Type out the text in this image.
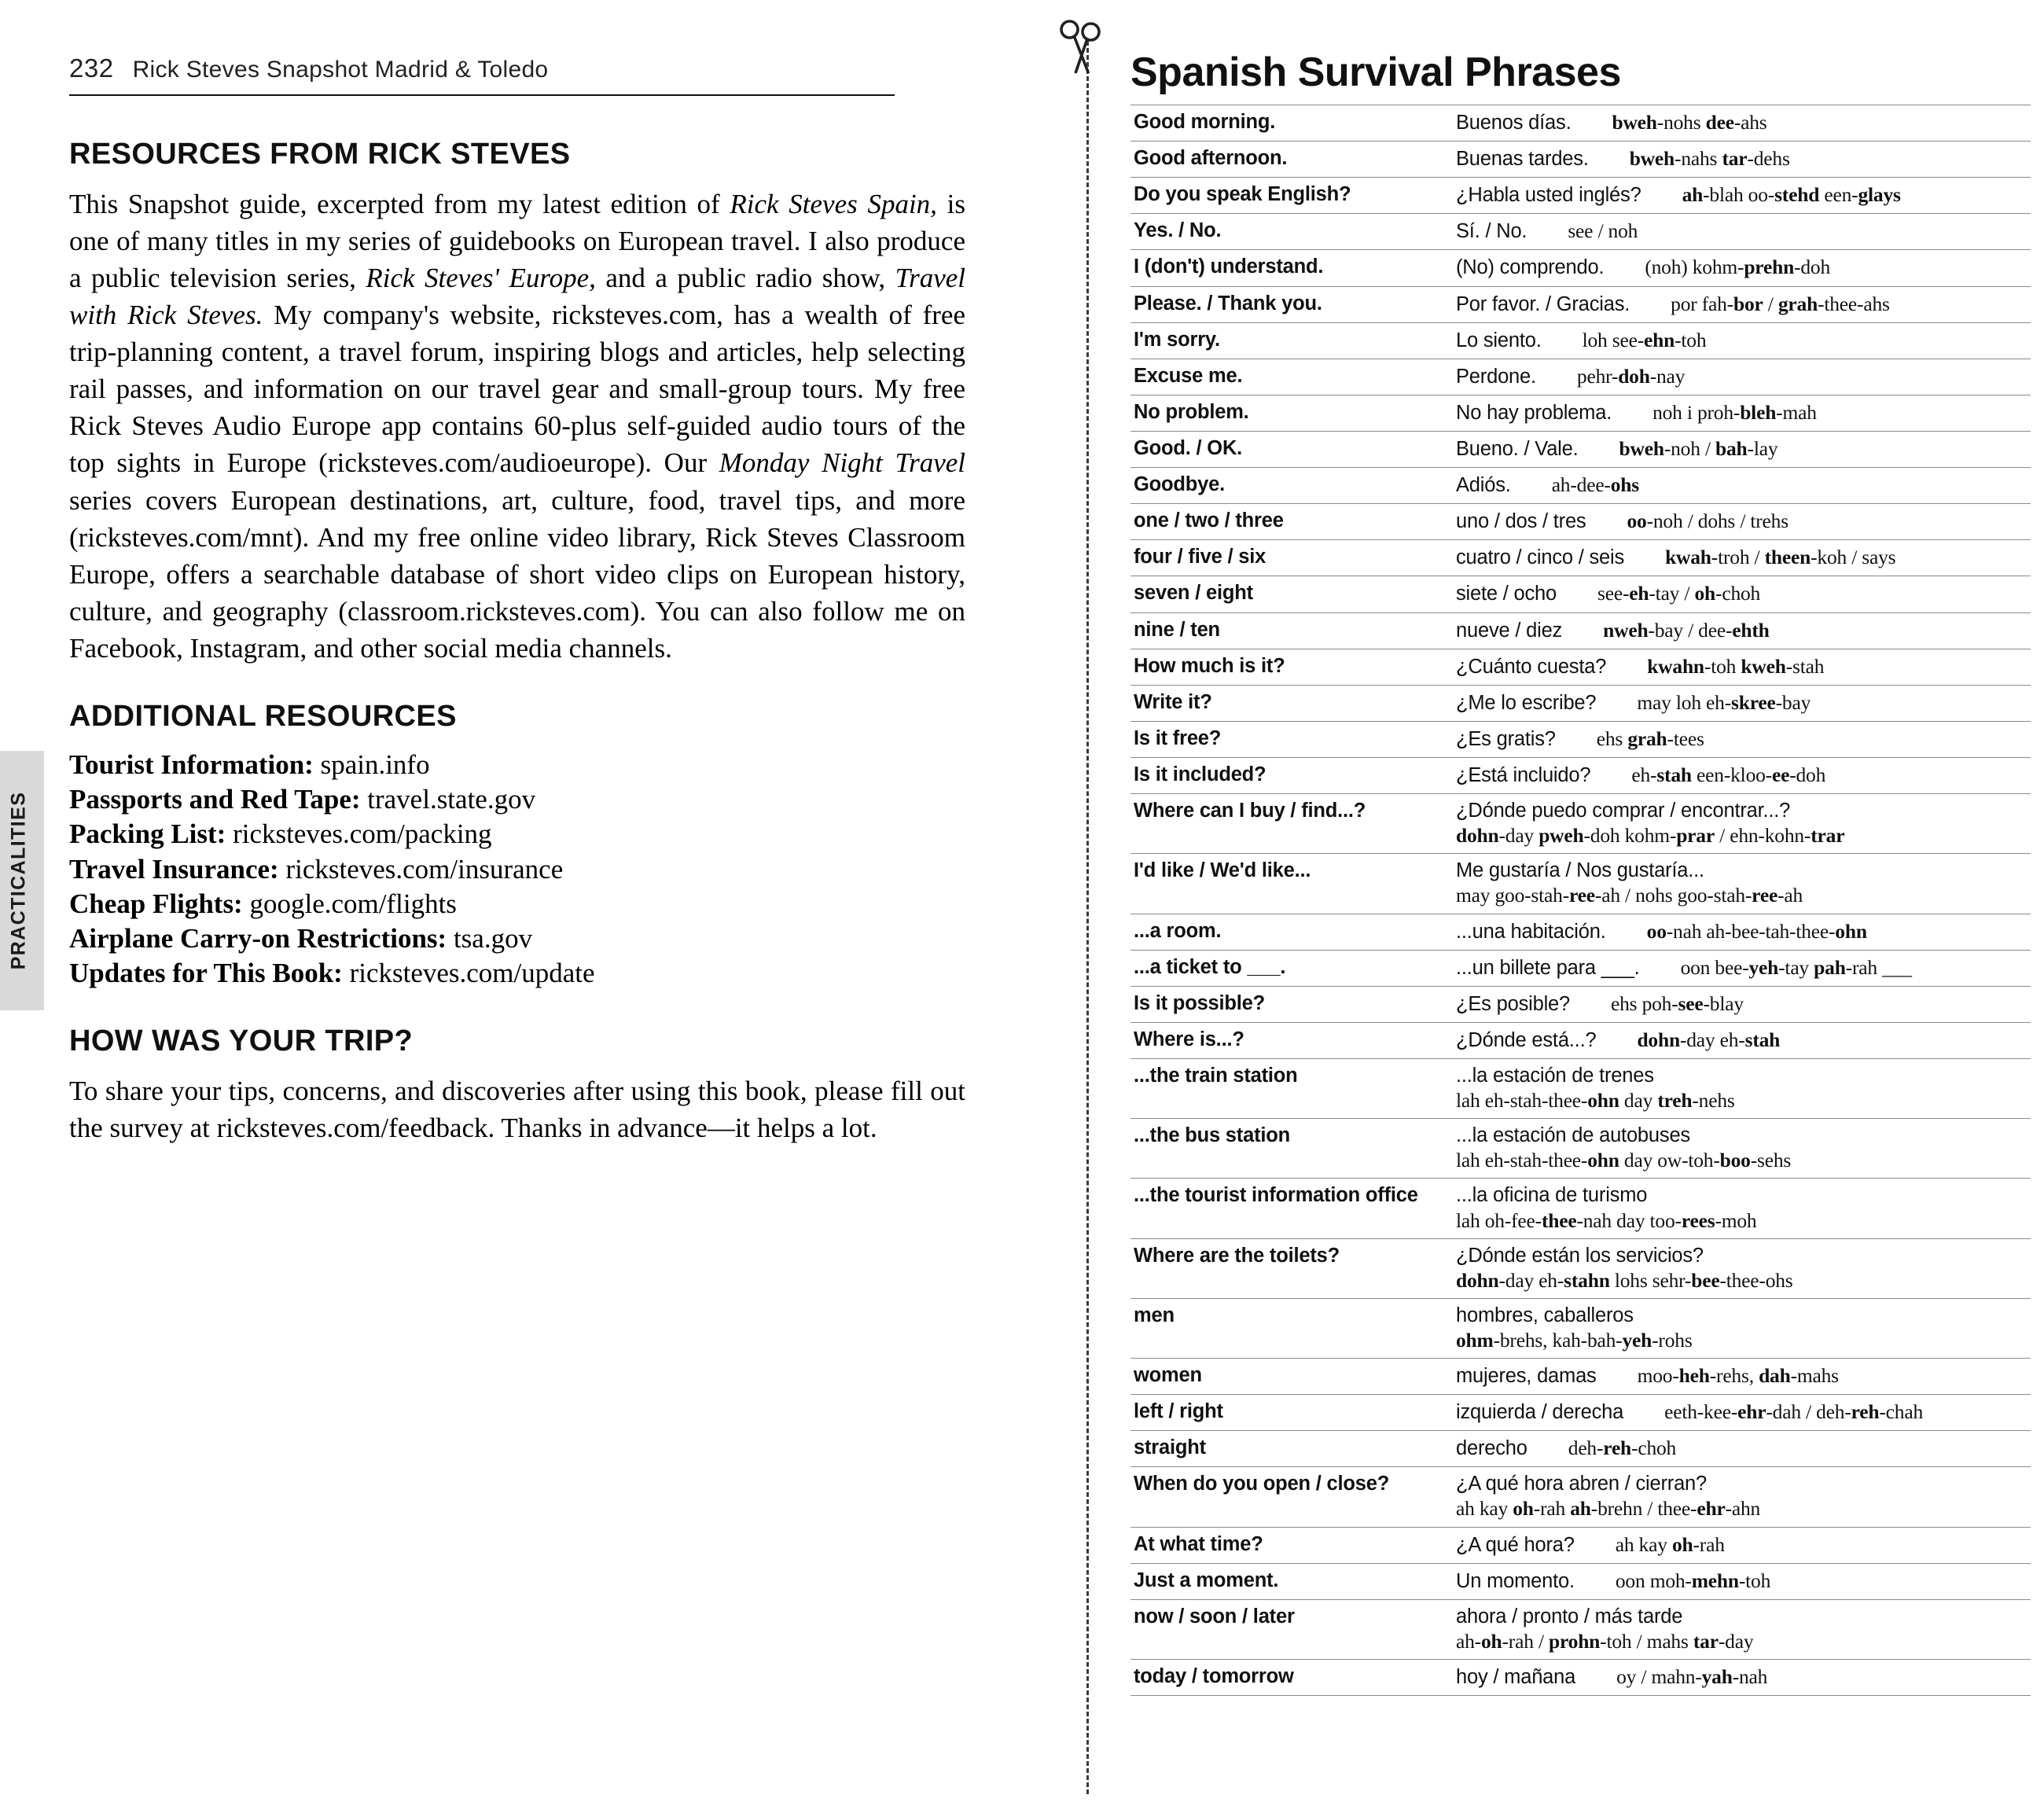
PRACTICALITIES
232 Rick Steves Snapshot Madrid & Toledo
RESOURCES FROM RICK STEVES

This Snapshot guide, excerpted from my latest edition of Rick Steves Spain, is one of many titles in my series of guidebooks on European travel. I also produce a public television series, Rick Steves' Europe, and a public radio show, Travel with Rick Steves. My company's website, ricksteves.com, has a wealth of free trip-planning content, a travel forum, inspiring blogs and articles, help selecting rail passes, and information on our travel gear and small-group tours. My free Rick Steves Audio Europe app contains 60-plus self-guided audio tours of the top sights in Europe (ricksteves.com/audioeurope). Our Monday Night Travel series covers European destinations, art, culture, food, travel tips, and more (ricksteves.com/mnt). And my free online video library, Rick Steves Classroom Europe, offers a searchable database of short video clips on European history, culture, and geography (classroom.ricksteves.com). You can also follow me on Facebook, Instagram, and other social media channels.

ADDITIONAL RESOURCES
Tourist Information: spain.info
Passports and Red Tape: travel.state.gov
Packing List: ricksteves.com/packing
Travel Insurance: ricksteves.com/insurance
Cheap Flights: google.com/flights
Airplane Carry-on Restrictions: tsa.gov
Updates for This Book: ricksteves.com/update
HOW WAS YOUR TRIP?

To share your tips, concerns, and discoveries after using this book, please fill out the survey at ricksteves.com/feedback. Thanks in advance—it helps a lot.

Spanish Survival Phrases
Good morning.	Buenos días. bweh-nohs dee-ahs
Good afternoon.	Buenas tardes. bweh-nahs tar-dehs
Do you speak English?	¿Habla usted inglés? ah-blah oo-stehd een-glays
Yes. / No.	Sí. / No. see / noh
I (don't) understand.	(No) comprendo. (noh) kohm-prehn-doh
Please. / Thank you.	Por favor. / Gracias. por fah-bor / grah-thee-ahs
I'm sorry.	Lo siento. loh see-ehn-toh
Excuse me.	Perdone. pehr-doh-nay
No problem.	No hay problema. noh i proh-bleh-mah
Good. / OK.	Bueno. / Vale. bweh-noh / bah-lay
Goodbye.	Adiós. ah-dee-ohs
one / two / three	uno / dos / tres oo-noh / dohs / trehs
four / five / six	cuatro / cinco / seis kwah-troh / theen-koh / says
seven / eight	siete / ocho see-eh-tay / oh-choh
nine / ten	nueve / diez nweh-bay / dee-ehth
How much is it?	¿Cuánto cuesta? kwahn-toh kweh-stah
Write it?	¿Me lo escribe? may loh eh-skree-bay
Is it free?	¿Es gratis? ehs grah-tees
Is it included?	¿Está incluido? eh-stah een-kloo-ee-doh
Where can I buy / find...?	¿Dónde puedo comprar / encontrar...?
dohn-day pweh-doh kohm-prar / ehn-kohn-trar

I'd like / We'd like...	Me gustaría / Nos gustaría...
may goo-stah-ree-ah / nohs goo-stah-ree-ah

...a room.	...una habitación. oo-nah ah-bee-tah-thee-ohn
...a ticket to ___.	...un billete para ___. oon bee-yeh-tay pah-rah ___
Is it possible?	¿Es posible? ehs poh-see-blay
Where is...?	¿Dónde está...? dohn-day eh-stah
...the train station	...la estación de trenes
lah eh-stah-thee-ohn day treh-nehs

...the bus station	...la estación de autobuses
lah eh-stah-thee-ohn day ow-toh-boo-sehs

...the tourist information office	...la oficina de turismo
lah oh-fee-thee-nah day too-rees-moh

Where are the toilets?	¿Dónde están los servicios?
dohn-day eh-stahn lohs sehr-bee-thee-ohs

men	hombres, caballeros
ohm-brehs, kah-bah-yeh-rohs

women	mujeres, damas moo-heh-rehs, dah-mahs
left / right	izquierda / derecha eeth-kee-ehr-dah / deh-reh-chah
straight	derecho deh-reh-choh
When do you open / close?	¿A qué hora abren / cierran?
ah kay oh-rah ah-brehn / thee-ehr-ahn

At what time?	¿A qué hora? ah kay oh-rah
Just a moment.	Un momento. oon moh-mehn-toh
now / soon / later	ahora / pronto / más tarde
ah-oh-rah / prohn-toh / mahs tar-day

today / tomorrow	hoy / mañana oy / mahn-yah-nah
